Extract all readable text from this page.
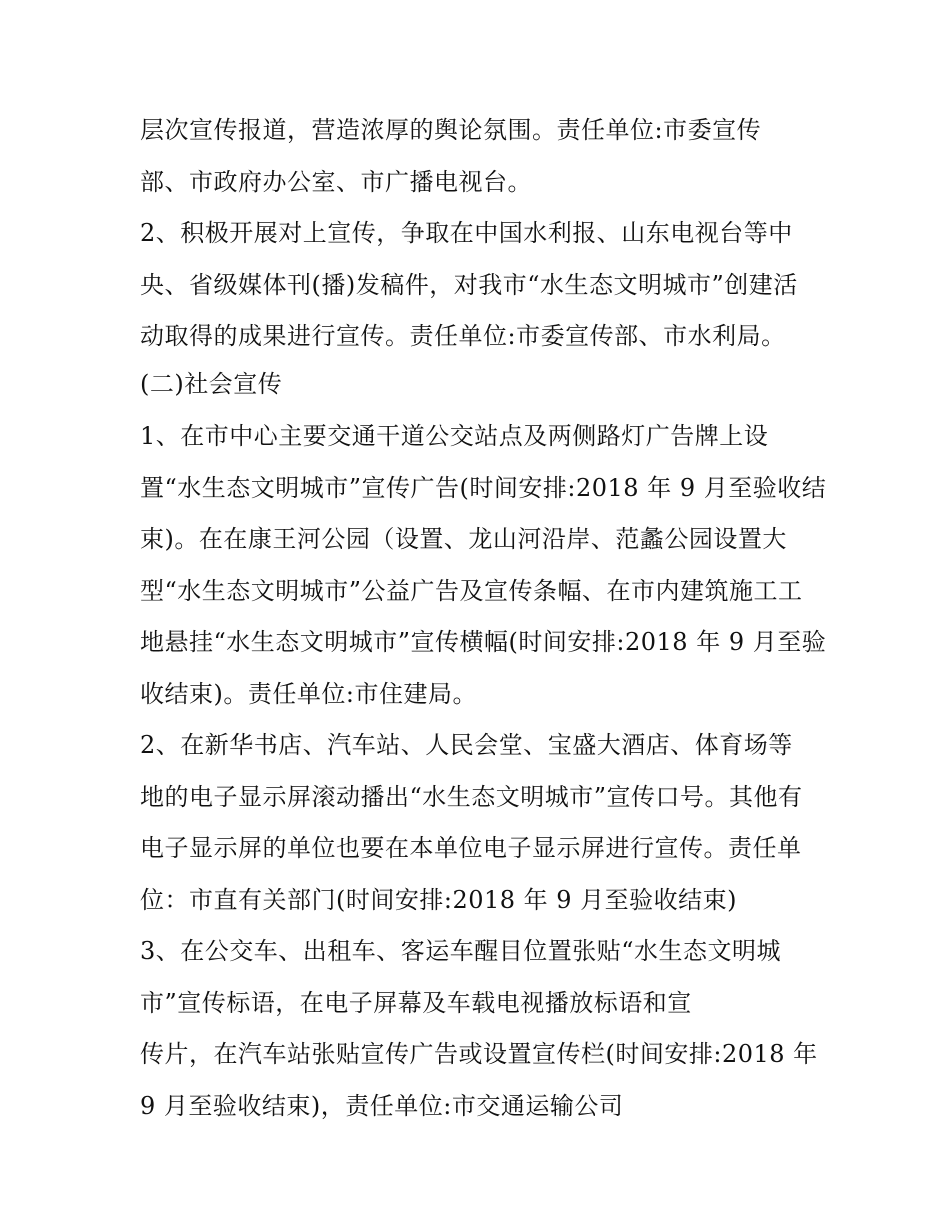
层次宣传报道，营造浓厚的舆论氛围。责任单位:市委宣传
部、市政府办公室、市广播电视台。
2、积极开展对上宣传，争取在中国水利报、山东电视台等中
央、省级媒体刊(播)发稿件，对我市“水生态文明城市”创建活
动取得的成果进行宣传。责任单位:市委宣传部、市水利局。
(二)社会宣传
1、在市中心主要交通干道公交站点及两侧路灯广告牌上设
置“水生态文明城市”宣传广告(时间安排:2018 年 9 月至验收结
束)。在在康王河公园（设置、龙山河沿岸、范蠡公园设置大
型“水生态文明城市”公益广告及宣传条幅、在市内建筑施工工
地悬挂“水生态文明城市”宣传横幅(时间安排:2018 年 9 月至验
收结束)。责任单位:市住建局。
2、在新华书店、汽车站、人民会堂、宝盛大酒店、体育场等
地的电子显示屏滚动播出“水生态文明城市”宣传口号。其他有
电子显示屏的单位也要在本单位电子显示屏进行宣传。责任单
位：市直有关部门(时间安排:2018 年 9 月至验收结束)
3、在公交车、出租车、客运车醒目位置张贴“水生态文明城
市”宣传标语，在电子屏幕及车载电视播放标语和宣
传片，在汽车站张贴宣传广告或设置宣传栏(时间安排:2018 年
9 月至验收结束)，责任单位:市交通运输公司
